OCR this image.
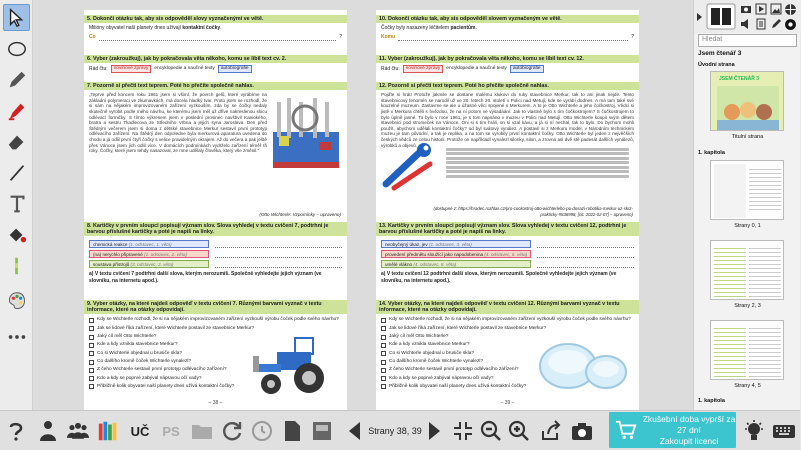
5. Dokonči otázku tak, aby sis odpověděl slovy vyznačenými ve větě.
Milióny obyvatel naší planety dnes užívají kontaktní čočky.
Co	?
6. Vyber (zakroužkuj), jak by pokračovala věta někoho, komu se líbil text cv. 2.
Rád čtu:	novinové zprávy	encyklopedie a naučné texty	autobiografie
7. Pozorně si přečti text teprem. Poté ho přečíte společně nahlas.
„Teprve před koncem roku 1961 jsem si všiml, že povrch gelů, které vyrábíme na základní polymeraci ve zkumavkách, má docela hladký tvar. Proto jsem se rozhodl, že si sám na nějakém improvizovaném zařízení vyzkouším, zda by se čočky nedaly skutečně vyrobit podle mého návrhu, ke kterému jsem měl už dříve nakreslenou skicu odlévací formičky. S tímto výkresem jsem v poslední prosinec navštívil Kaniokého, bratra a sestru Tkadlecova ze Středního Vrbna a jejich syna Jaroslava. Den před Štědrým večerem jsem si doma z dětské stavebnice Merkur sestavil první prototyp odlévacího zařízení. Na Štědrý den odpoledne byla merkurová aparatura uvedena do chodu a já odlil první čtyři čočky s velice pravidelným okrajem. Až do večera a pak ještě přes Vánoce jsem jich odlil více. V domácích podmínkách vydrželo zařízení téměř tři roky. Čočky, které jsem tehdy nasazoval, ze mne udělaly člověka, který vše změnil.“
(Otto Wichterle: Vzpomínky – upraveno)
8. Kartičky v prvním sloupci popisují význam slov. Slova vyhledej v textu cvičení 7, podtrhni je barvou příslušné kartičky a poté je napiš na linky.
chemická reakce (1. odstavec, 1. věta)
(na) nerychlo připravené (1. odstavec, 2. věta)
soustava přístrojů (3. odstavec, 2. věta)
a) V textu cvičení 7 podtrhni další slova, kterým nerozumíš. Společně vyhledejte jejich význam (ve slovníku, na internetu apod.).
9. Vyber otázky, na které najdeš odpověď v textu cvičení 7. Různými barvami vyznač v textu informace, které na otázky odpovídají.
Kdy se Wichterle rozhodl, že si na nějakém improvizovaném zařízení vyzkouší výrobu čoček podle svého návrhu?
Jak se lidové říká zařízení, které Wichterle postavil ze stavebnice Merkur?
Jaký cíl měl Otto Wichterle?
Kde a kdy vznikla stavebnice Merkur?
Co si Wichterle objednal u brusiče skla?
Co dalšího kromě čoček Wichterle vynalezl?
Z čeho Wichterle sestavil první prototyp odlévacího zařízení?
Kdo a kdy se poprvé zabýval nápravou očí vady?
Přibližně kolik obyvatel naší planety dnes užívá kontaktní čočky?
– 38 –
10. Dokonči otázku tak, aby sis odpověděl slovem vyznačeným ve větě.
Čočky byly nasazeny léčitelem pacientům.
Komu	?
11. Vyber (zakroužkuj), jak by pokračovala věta někoho, komu se líbil text cv. 12.
Rád čtu:	novinové zprávy	encyklopedie a naučné texty	autobiografie
12. Pozorně si přečti text teprem. Poté ho přečíte společně nahlas.
Pojďte si hrát! Protože jakmile se dostane malému klukovi do ruky stavebnice Merkur, tak to ani jinak nejde. Tento stavebnicový fenomén se narodil už ve 20. letech 20. století v Polici nad Metují, kde se vyrábí dodnes. A má tam také své kouzelné muzeum. Zastavme se ale u úžasné věci spojené s Merkurem. A to je Otto Wichterle a jeho čočkostroj. Vědci si jistě v Merkura chtěli s hvězdou, že na ní potom ve výsadáání. Jak to vlastně bylo s tím čočkostrojem? S čočkostrojem to bylo úplně jasné. To bylo v roce 1961, je s tom napsáno v muzeu v Polici nad Metují. Otto Wichterle koupil svým dětem stavebnici pod stromeček na Vánoce. Oni si s tím hráli, on si vzal kávu, a já si ní nechal, tak to bylo. Do bychom mohli použít, abychom udělali kontaktní čočky? od byl svátový vynález. A postavil si z Merkuru model, v Národním technickém muzeu je tam původní, a tak je replika, a na tom se vyrobily první kontaktní čočky. Otto Wichterle byl jeden z nejvěčších českých vědců ze celou historii. Protože on napříkladl vynalezl silonky, silon, a zrovna asi dvě stě padesát dalších vynálezů, výrobků a objevů.
(dostupné z: https://hradec.rozhlas.cz/pro-cockostroj-otto-wichterleho-po-dosazi-robotika-merkur-uz-skrz-prakticky-#836998, [cit. 2022-02-07] – upraveno)
13. Kartičky v prvním sloupci popisují význam slov. Slova vyhledej v textu cvičení 12, podtrhni je barvou příslušné kartičky a poté je napiš na linky.
neobyčejný úkaz, jev (1. odstavec, 3. věta)
provedení předmětu sloužící jako napodobenina (4. odstavec, 6. věta)
umělé vlákno (4. odstavec, 8. věta)
a) V textu cvičení 12 podtrhni další slova, kterým nerozumíš. Společně vyhledejte jejich význam (ve slovníku, na internetu apod.).
14. Vyber otázky, na které najdeš odpověď v textu cvičení 12. Různými barvami vyznač v textu informace, které na otázky odpovídají.
Kdy se Wichterle rozhodl, že si na nějakém improvizovaném zařízení vyzkouší výrobu čoček podle svého návrhu?
Jak se lidové říká zařízení, které Wichterle postavil ze stavebnice Merkur?
Jaký cíl měl Otto Wichterle?
Kde a kdy vznikla stavebnice Merkur?
Co si Wichterle objednal u brusiče skla?
Co dalšího kromě čoček Wichterle vynalezl?
Z čeho Wichterle sestavil první prototyp odlévacího zařízení?
Kdo a kdy se poprvé zabýval nápravou očí vady?
Přibližně kolik obyvatel naší planety dnes užívá kontaktní čočky?
– 39 –
Hledat
Jsem čtenář 3
Úvodní strana
JSEM ČTENÁŘ 3
Titulní strana
1. kapitola
Strany 0, 1
Strany 2, 3
Strany 4, 5
1. kapitola
UČ PS	Strany 38, 39
Zkušební doba vyprší za 27 dní
Zakoupit licenci
